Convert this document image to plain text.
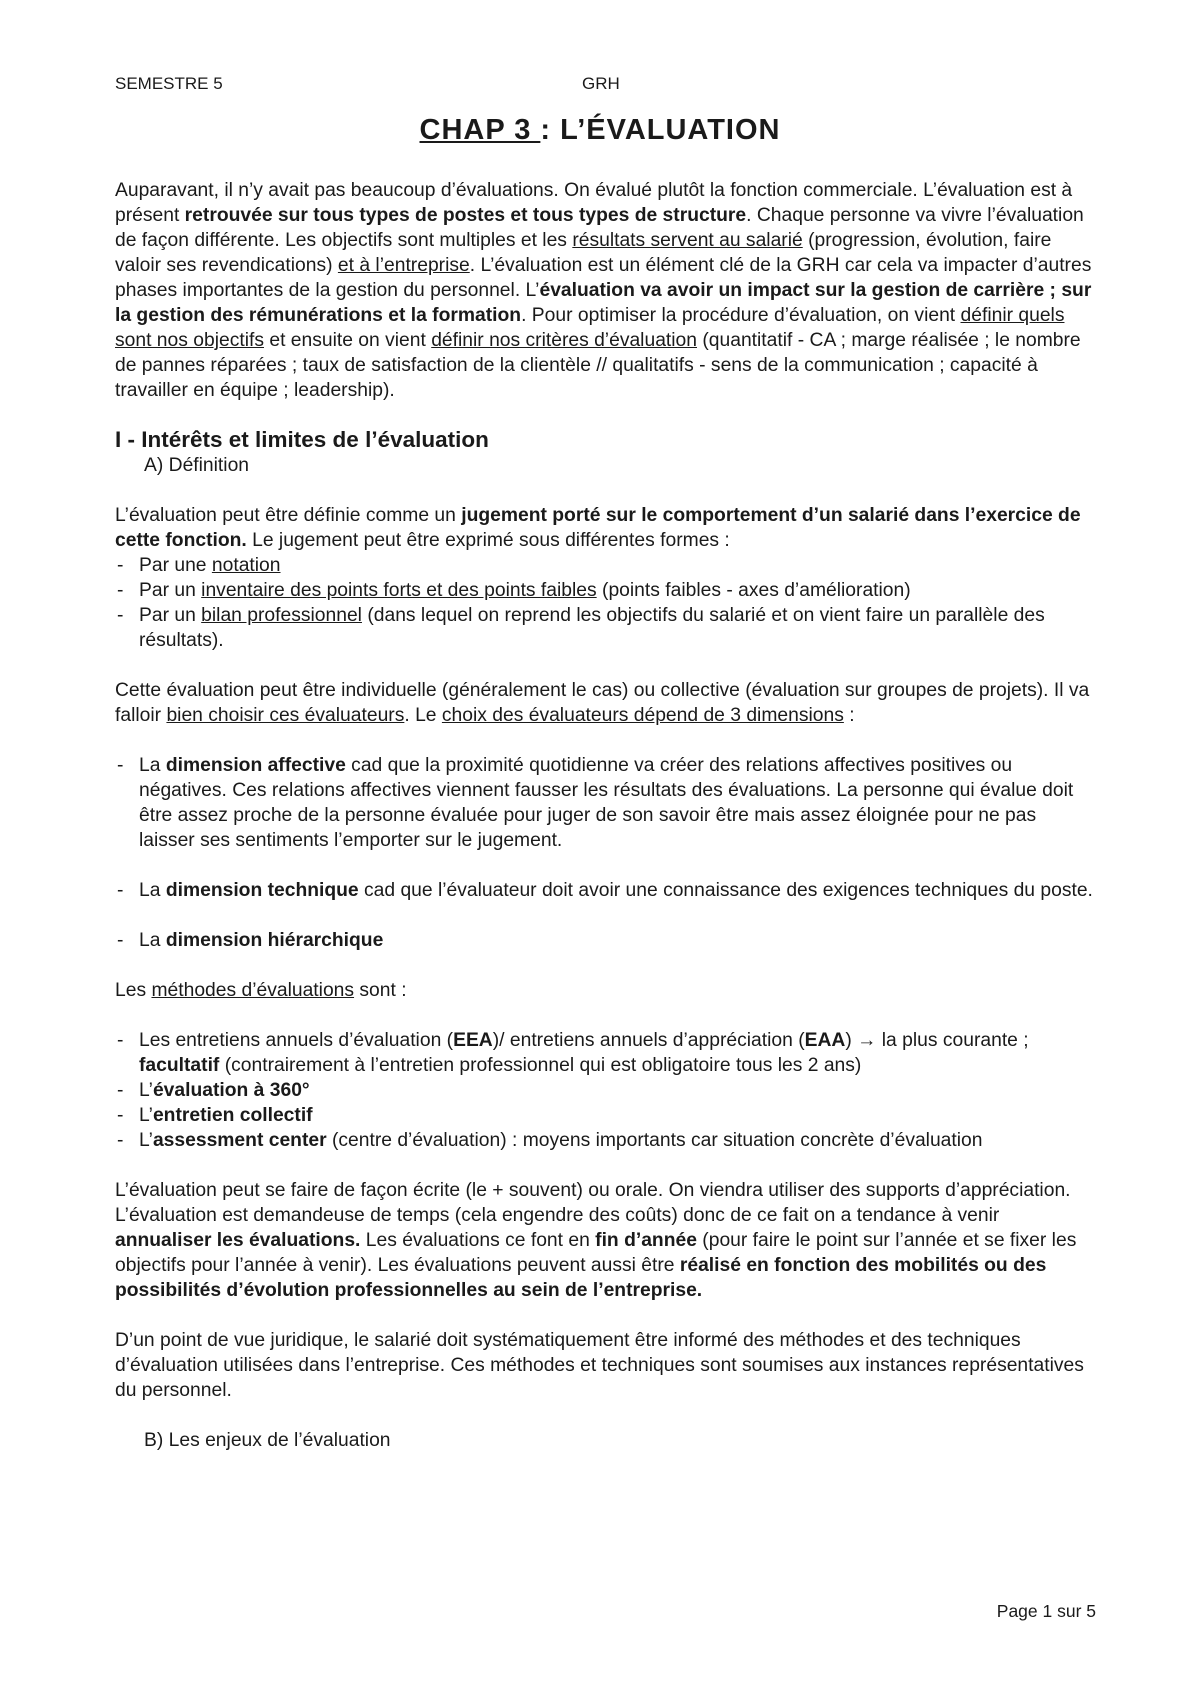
SEMESTRE 5	GRH
CHAP 3 : L’ÉVALUATION

Auparavant, il n’y avait pas beaucoup d’évaluations. On évalué plutôt la fonction commerciale. L’évaluation est à présent retrouvée sur tous types de postes et tous types de structure. Chaque personne va vivre l’évaluation de façon différente. Les objectifs sont multiples et les résultats servent au salarié (progression, évolution, faire valoir ses revendications) et à l’entreprise. L’évaluation est un élément clé de la GRH car cela va impacter d’autres phases importantes de la gestion du personnel. L’évaluation va avoir un impact sur la gestion de carrière ; sur la gestion des rémunérations et la formation. Pour optimiser la procédure d’évaluation, on vient définir quels sont nos objectifs et ensuite on vient définir nos critères d’évaluation (quantitatif - CA ; marge réalisée ; le nombre de pannes réparées ; taux de satisfaction de la clientèle // qualitatifs - sens de la communication ; capacité à travailler en équipe ; leadership).

I - Intérêts et limites de l’évaluation
A) Définition

L’évaluation peut être définie comme un jugement porté sur le comportement d’un salarié dans l’exercice de cette fonction. Le jugement peut être exprimé sous différentes formes :

- Par une notation
- Par un inventaire des points forts et des points faibles (points faibles - axes d’amélioration)
- Par un bilan professionnel (dans lequel on reprend les objectifs du salarié et on vient faire un parallèle des résultats).

Cette évaluation peut être individuelle (généralement le cas) ou collective (évaluation sur groupes de projets). Il va falloir bien choisir ces évaluateurs. Le choix des évaluateurs dépend de 3 dimensions :

- La dimension affective cad que la proximité quotidienne va créer des relations affectives positives ou négatives. Ces relations affectives viennent fausser les résultats des évaluations. La personne qui évalue doit être assez proche de la personne évaluée pour juger de son savoir être mais assez éloignée pour ne pas laisser ses sentiments l’emporter sur le jugement.
- La dimension technique cad que l’évaluateur doit avoir une connaissance des exigences techniques du poste.
- La dimension hiérarchique

Les méthodes d’évaluations sont :

- Les entretiens annuels d’évaluation (EEA)/ entretiens annuels d’appréciation (EAA) → la plus courante ; facultatif (contrairement à l’entretien professionnel qui est obligatoire tous les 2 ans)
- L’évaluation à 360°
- L’entretien collectif
- L’assessment center (centre d’évaluation) : moyens importants car situation concrète d’évaluation

L’évaluation peut se faire de façon écrite (le + souvent) ou orale. On viendra utiliser des supports d’appréciation. L’évaluation est demandeuse de temps (cela engendre des coûts) donc de ce fait on a tendance à venir annualiser les évaluations. Les évaluations ce font en fin d’année (pour faire le point sur l’année et se fixer les objectifs pour l’année à venir). Les évaluations peuvent aussi être réalisé en fonction des mobilités ou des possibilités d’évolution professionnelles au sein de l’entreprise.

D’un point de vue juridique, le salarié doit systématiquement être informé des méthodes et des techniques d’évaluation utilisées dans l’entreprise. Ces méthodes et techniques sont soumises aux instances représentatives du personnel.

B) Les enjeux de l’évaluation
Page 1 sur 5
